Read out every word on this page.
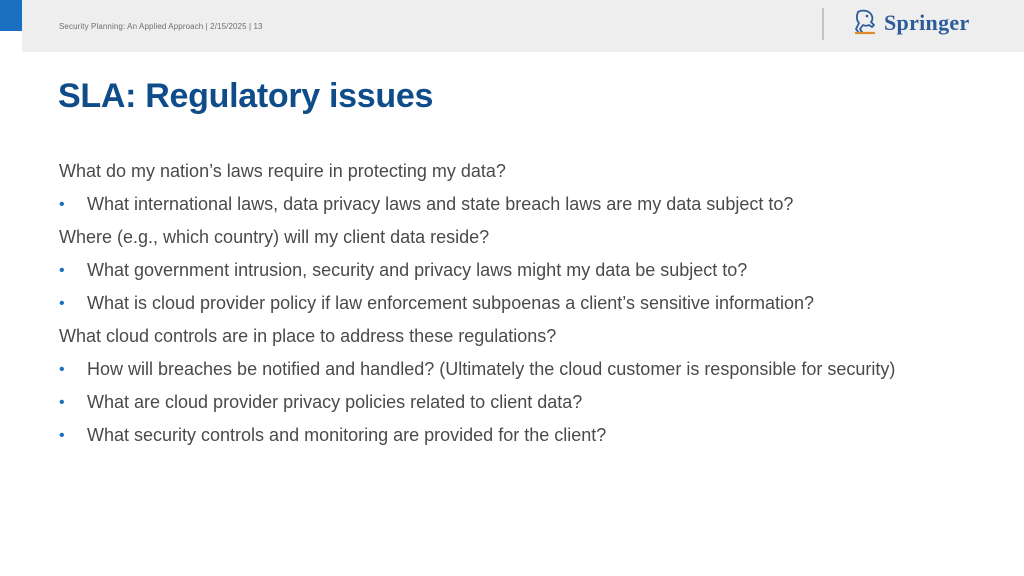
Security Planning: An Applied Approach | 2/15/2025 | 13	Springer
SLA: Regulatory issues
What do my nation’s laws require in protecting my data?
• What international laws, data privacy laws and state breach laws are my data subject to?
Where (e.g., which country) will my client data reside?
• What government intrusion, security and privacy laws might my data be subject to?
• What is cloud provider policy if law enforcement subpoenas a client’s sensitive information?
What cloud controls are in place to address these regulations?
• How will breaches be notified and handled? (Ultimately the cloud customer is responsible for security)
• What are cloud provider privacy policies related to client data?
• What security controls and monitoring are provided for the client?
